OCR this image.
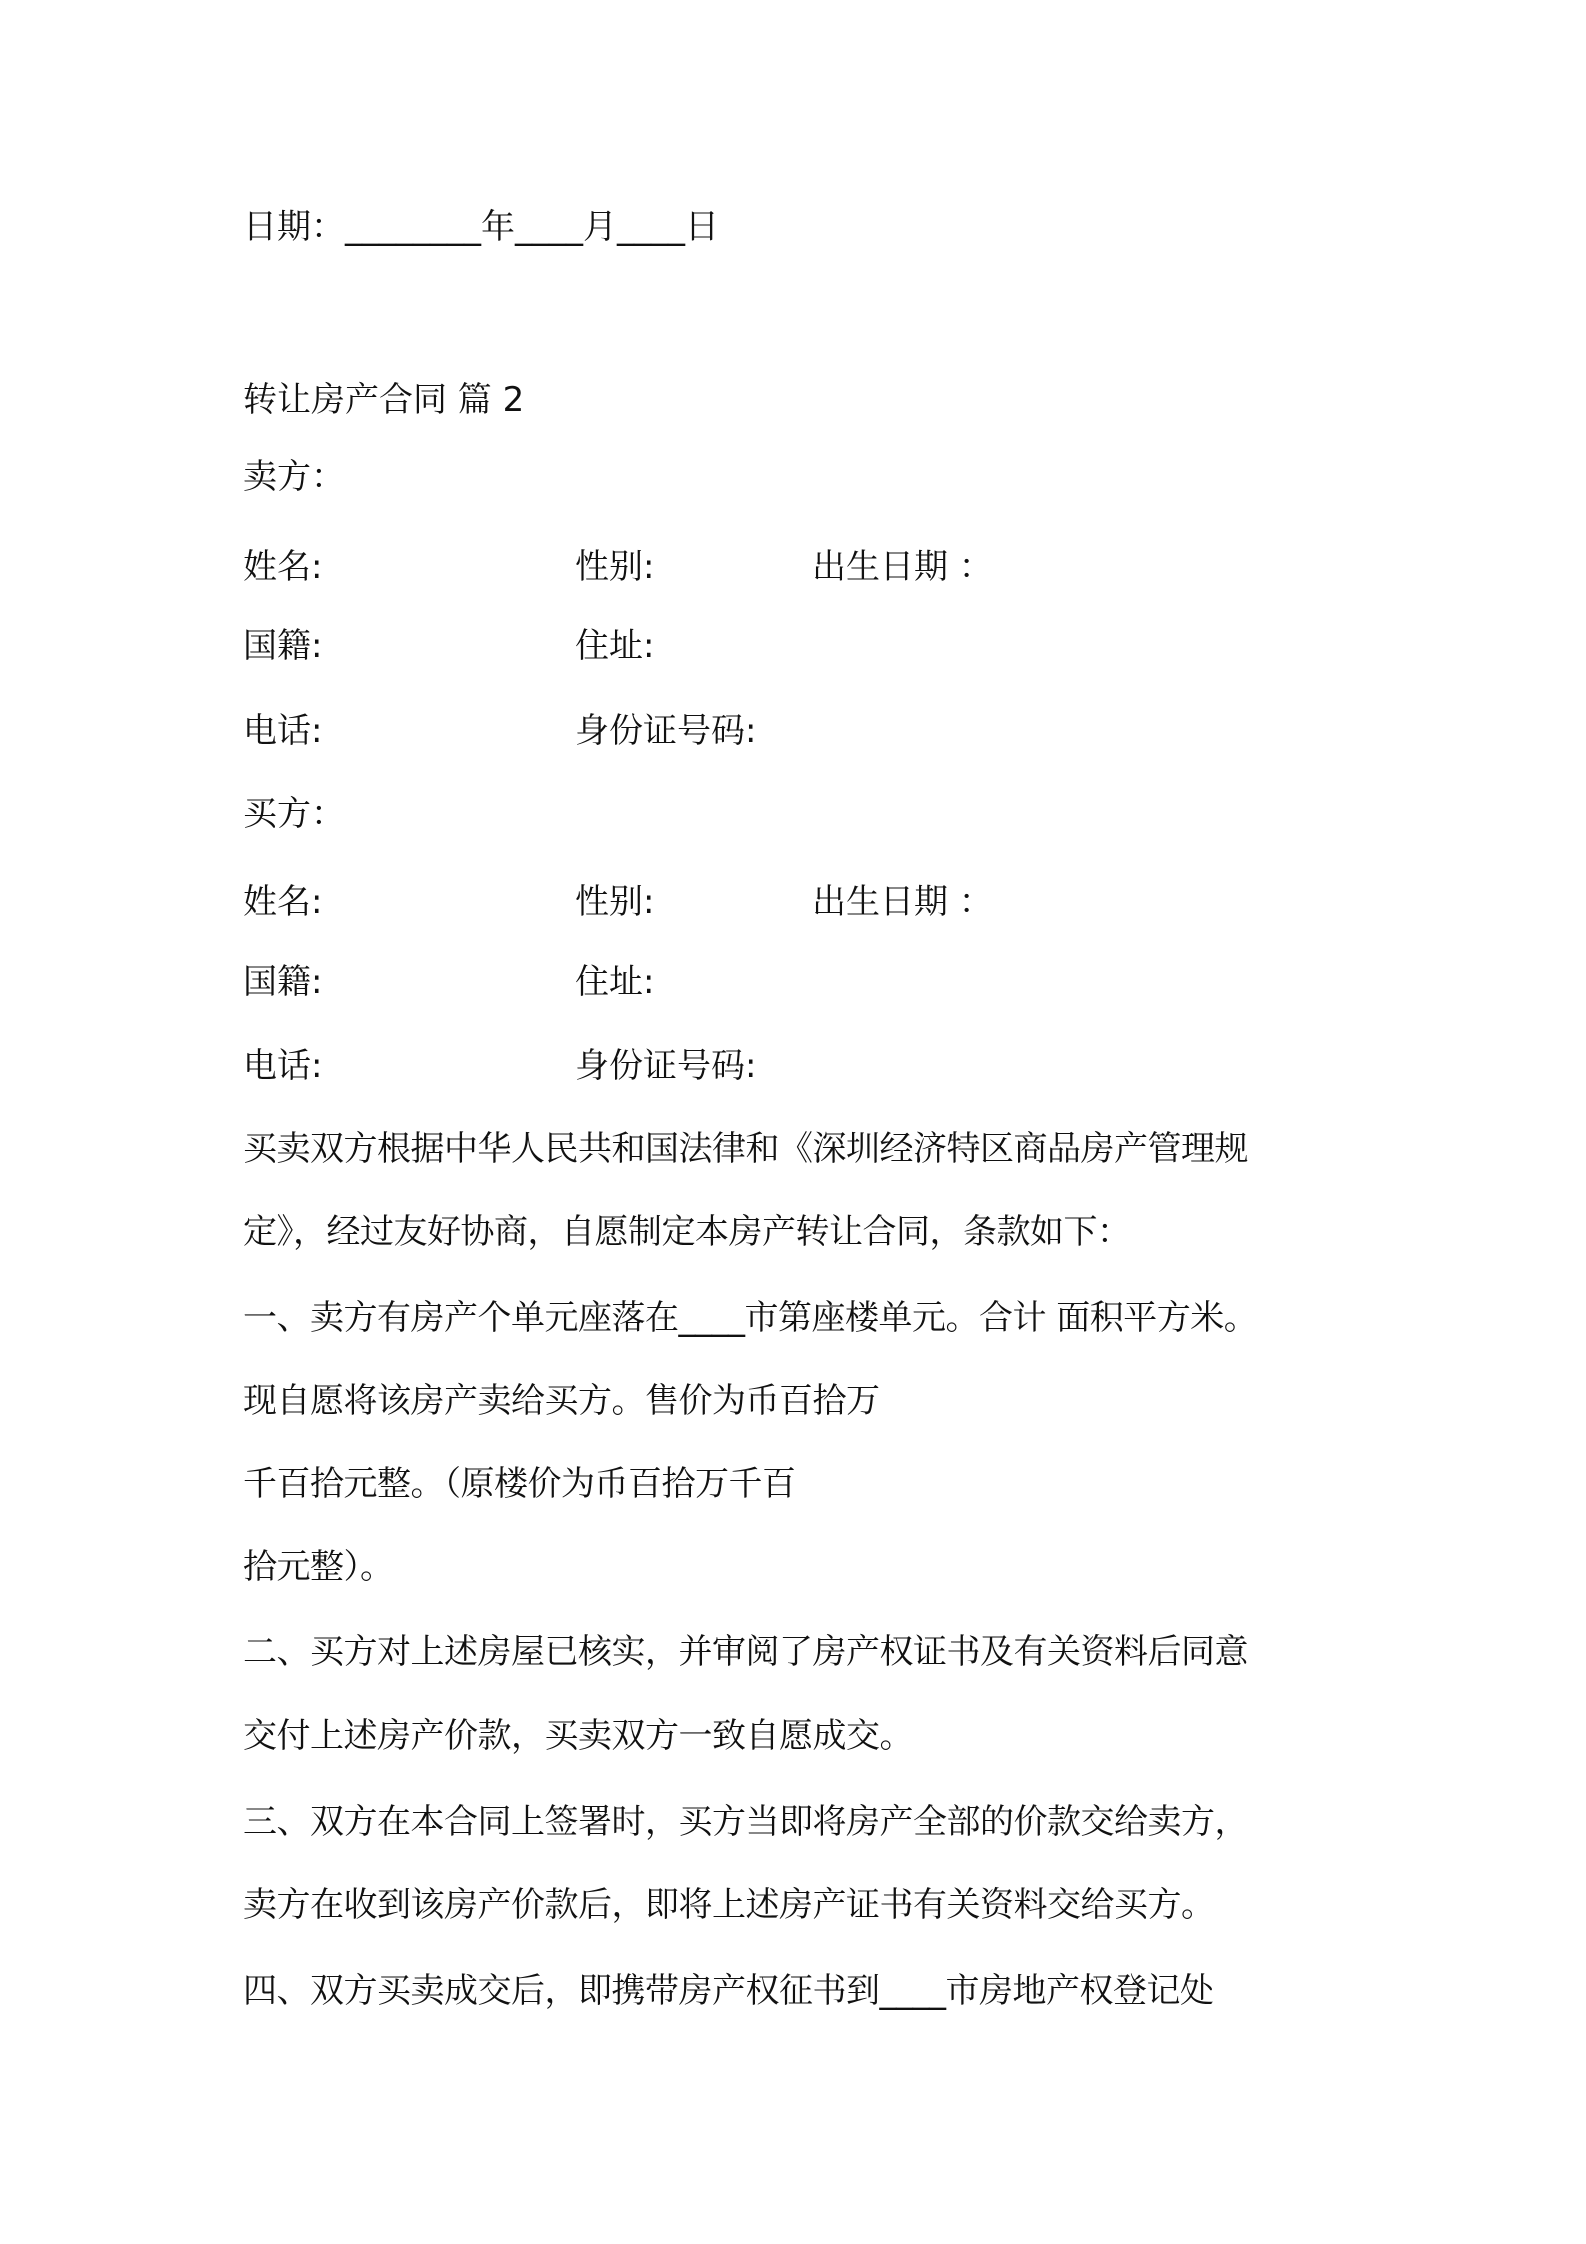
日期：________年____月____日

转让房产合同 篇 2

卖方：

姓名:	性别:	出生日期 ：
国籍:	住址:
电话:	身份证号码:

买方：

姓名:	性别:	出生日期 ：
国籍:	住址:
电话:	身份证号码:

买卖双方根据中华人民共和国法律和《深圳经济特区商品房产管理规

定》，经过友好协商，自愿制定本房产转让合同，条款如下：

一、卖方有房产个单元座落在____市第座楼单元。合计 面积平方米。

现自愿将该房产卖给买方。售价为币百拾万

千百拾元整。（原楼价为币百拾万千百

拾元整）。

二、买方对上述房屋已核实，并审阅了房产权证书及有关资料后同意

交付上述房产价款，买卖双方一致自愿成交。

三、双方在本合同上签署时，买方当即将房产全部的价款交给卖方，

卖方在收到该房产价款后，即将上述房产证书有关资料交给买方。

四、双方买卖成交后，即携带房产权征书到____市房地产权登记处
